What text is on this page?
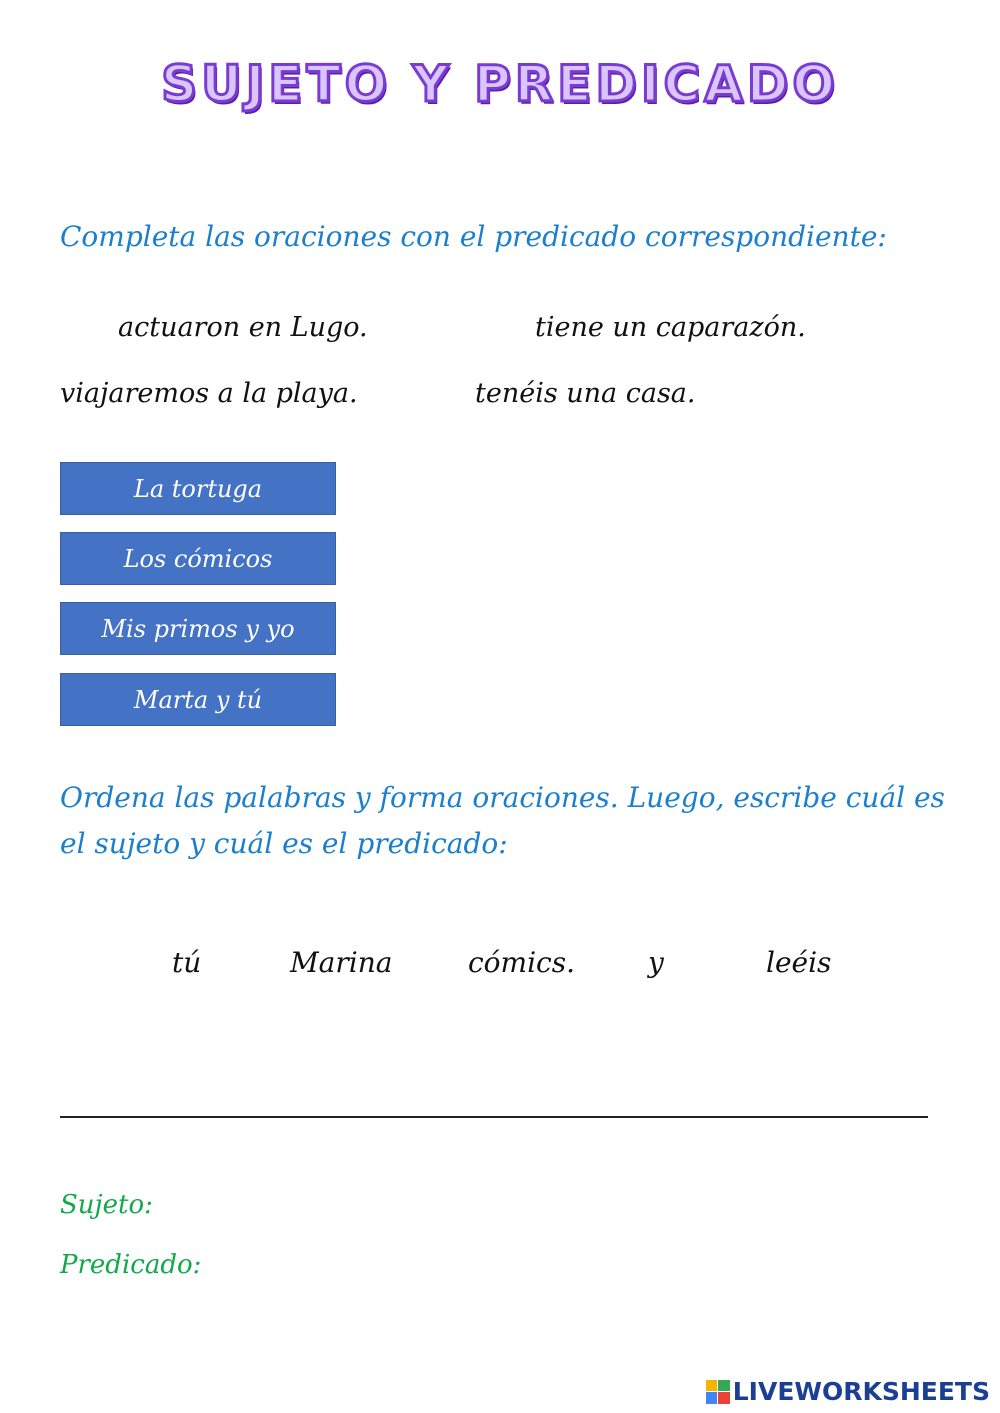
SUJETO Y PREDICADO
Completa las oraciones con el predicado correspondiente:
actuaron en Lugo.	tiene un caparazón.
viajaremos a la playa.	tenéis una casa.
La tortuga
Los cómicos
Mis primos y yo
Marta y tú
Ordena las palabras y forma oraciones. Luego, escribe cuál es el sujeto y cuál es el predicado:
tú	Marina	cómics.	y	leéis
Sujeto:
Predicado:
LIVEWORKSHEETS
